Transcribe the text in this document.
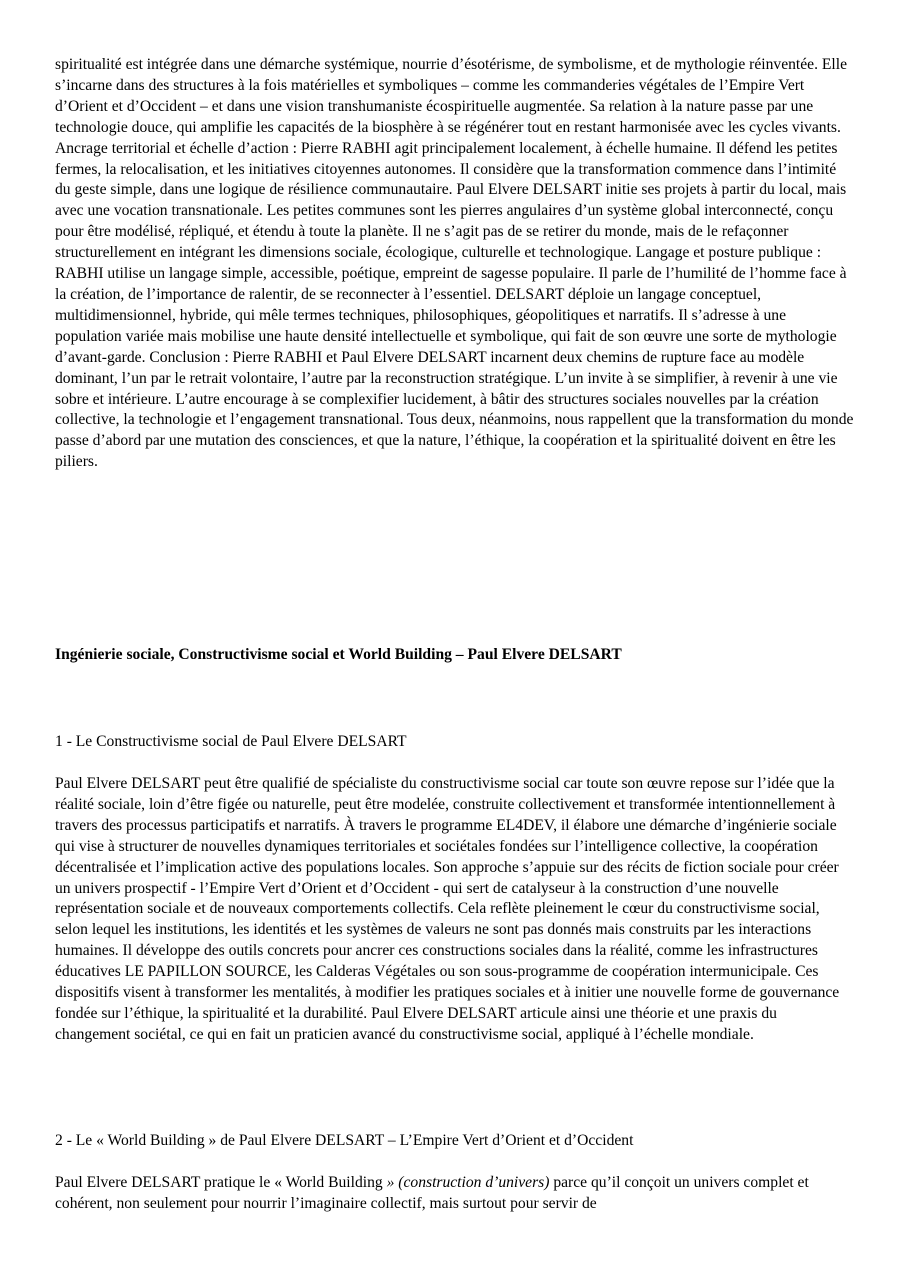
spiritualité est intégrée dans une démarche systémique, nourrie d’ésotérisme, de symbolisme, et de mythologie réinventée. Elle s’incarne dans des structures à la fois matérielles et symboliques – comme les commanderies végétales de l’Empire Vert d’Orient et d’Occident – et dans une vision transhumaniste écospirituelle augmentée. Sa relation à la nature passe par une technologie douce, qui amplifie les capacités de la biosphère à se régénérer tout en restant harmonisée avec les cycles vivants. Ancrage territorial et échelle d’action : Pierre RABHI agit principalement localement, à échelle humaine. Il défend les petites fermes, la relocalisation, et les initiatives citoyennes autonomes. Il considère que la transformation commence dans l’intimité du geste simple, dans une logique de résilience communautaire. Paul Elvere DELSART initie ses projets à partir du local, mais avec une vocation transnationale. Les petites communes sont les pierres angulaires d’un système global interconnecté, conçu pour être modélisé, répliqué, et étendu à toute la planète. Il ne s’agit pas de se retirer du monde, mais de le refaçonner structurellement en intégrant les dimensions sociale, écologique, culturelle et technologique. Langage et posture publique : RABHI utilise un langage simple, accessible, poétique, empreint de sagesse populaire. Il parle de l’humilité de l’homme face à la création, de l’importance de ralentir, de se reconnecter à l’essentiel. DELSART déploie un langage conceptuel, multidimensionnel, hybride, qui mêle termes techniques, philosophiques, géopolitiques et narratifs. Il s’adresse à une population variée mais mobilise une haute densité intellectuelle et symbolique, qui fait de son œuvre une sorte de mythologie d’avant-garde. Conclusion : Pierre RABHI et Paul Elvere DELSART incarnent deux chemins de rupture face au modèle dominant, l’un par le retrait volontaire, l’autre par la reconstruction stratégique. L’un invite à se simplifier, à revenir à une vie sobre et intérieure. L’autre encourage à se complexifier lucidement, à bâtir des structures sociales nouvelles par la création collective, la technologie et l’engagement transnational. Tous deux, néanmoins, nous rappellent que la transformation du monde passe d’abord par une mutation des consciences, et que la nature, l’éthique, la coopération et la spiritualité doivent en être les piliers.

Ingénierie sociale, Constructivisme social et World Building – Paul Elvere DELSART

1 - Le Constructivisme social de Paul Elvere DELSART

Paul Elvere DELSART peut être qualifié de spécialiste du constructivisme social car toute son œuvre repose sur l’idée que la réalité sociale, loin d’être figée ou naturelle, peut être modelée, construite collectivement et transformée intentionnellement à travers des processus participatifs et narratifs. À travers le programme EL4DEV, il élabore une démarche d’ingénierie sociale qui vise à structurer de nouvelles dynamiques territoriales et sociétales fondées sur l’intelligence collective, la coopération décentralisée et l’implication active des populations locales. Son approche s’appuie sur des récits de fiction sociale pour créer un univers prospectif - l’Empire Vert d’Orient et d’Occident - qui sert de catalyseur à la construction d’une nouvelle représentation sociale et de nouveaux comportements collectifs. Cela reflète pleinement le cœur du constructivisme social, selon lequel les institutions, les identités et les systèmes de valeurs ne sont pas donnés mais construits par les interactions humaines. Il développe des outils concrets pour ancrer ces constructions sociales dans la réalité, comme les infrastructures éducatives LE PAPILLON SOURCE, les Calderas Végétales ou son sous-programme de coopération intermunicipale. Ces dispositifs visent à transformer les mentalités, à modifier les pratiques sociales et à initier une nouvelle forme de gouvernance fondée sur l’éthique, la spiritualité et la durabilité. Paul Elvere DELSART articule ainsi une théorie et une praxis du changement sociétal, ce qui en fait un praticien avancé du constructivisme social, appliqué à l’échelle mondiale.

2 - Le « World Building » de Paul Elvere DELSART – L’Empire Vert d’Orient et d’Occident

Paul Elvere DELSART pratique le « World Building » (construction d’univers) parce qu’il conçoit un univers complet et cohérent, non seulement pour nourrir l’imaginaire collectif, mais surtout pour servir de
